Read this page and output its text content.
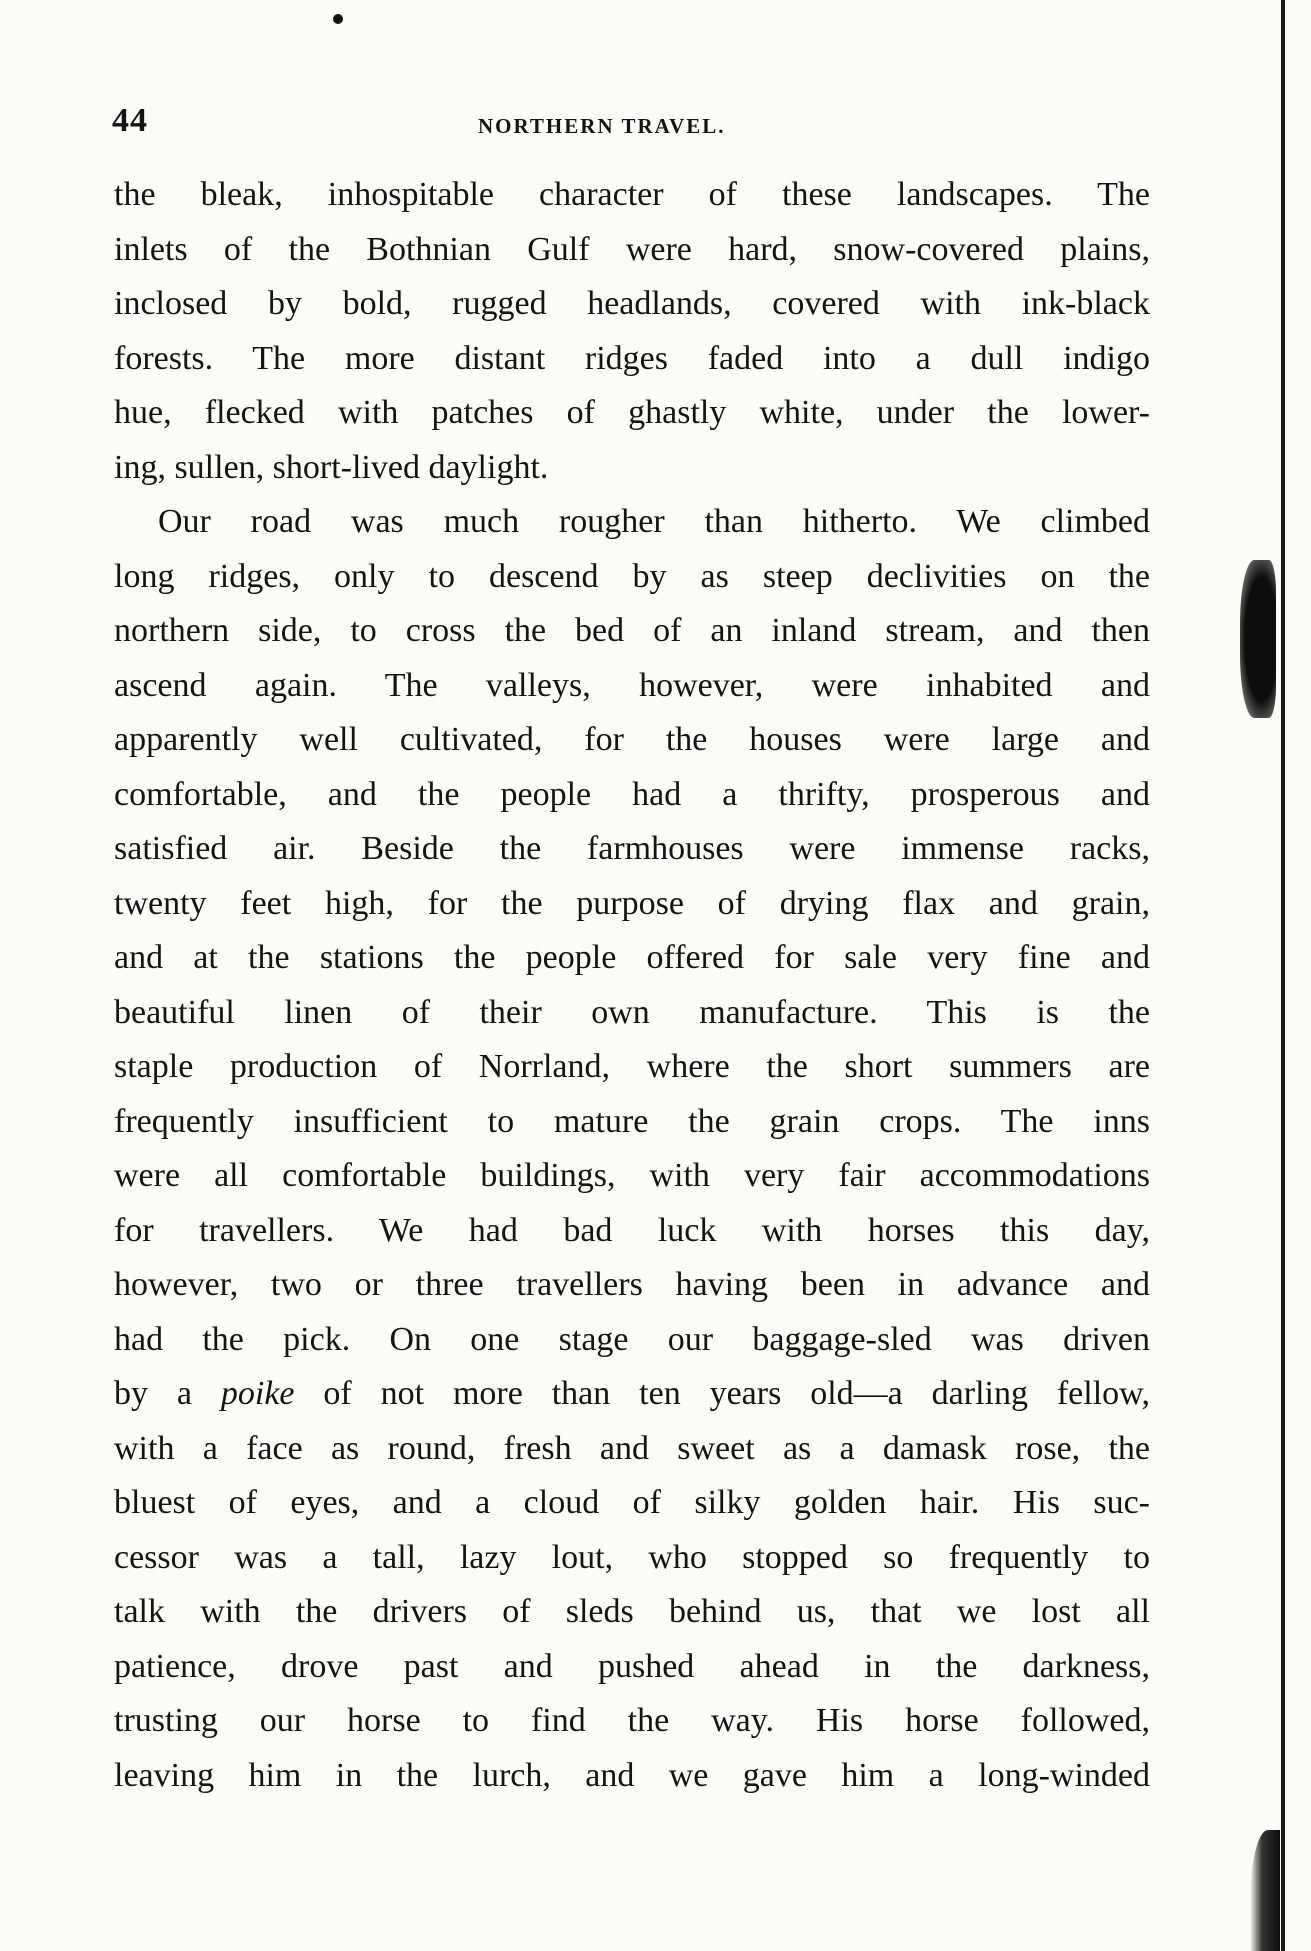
44	NORTHERN TRAVEL.
the bleak, inhospitable character of these landscapes. The
inlets of the Bothnian Gulf were hard, snow-covered plains,
inclosed by bold, rugged headlands, covered with ink-black
forests. The more distant ridges faded into a dull indigo
hue, flecked with patches of ghastly white, under the lower-
ing, sullen, short-lived daylight.
Our road was much rougher than hitherto. We climbed
long ridges, only to descend by as steep declivities on the
northern side, to cross the bed of an inland stream, and then
ascend again. The valleys, however, were inhabited and
apparently well cultivated, for the houses were large and
comfortable, and the people had a thrifty, prosperous and
satisfied air. Beside the farmhouses were immense racks,
twenty feet high, for the purpose of drying flax and grain,
and at the stations the people offered for sale very fine and
beautiful linen of their own manufacture. This is the
staple production of Norrland, where the short summers are
frequently insufficient to mature the grain crops. The inns
were all comfortable buildings, with very fair accommodations
for travellers. We had bad luck with horses this day,
however, two or three travellers having been in advance and
had the pick. On one stage our baggage-sled was driven
by a poike of not more than ten years old—a darling fellow,
with a face as round, fresh and sweet as a damask rose, the
bluest of eyes, and a cloud of silky golden hair. His suc-
cessor was a tall, lazy lout, who stopped so frequently to
talk with the drivers of sleds behind us, that we lost all
patience, drove past and pushed ahead in the darkness,
trusting our horse to find the way. His horse followed,
leaving him in the lurch, and we gave him a long-winded
